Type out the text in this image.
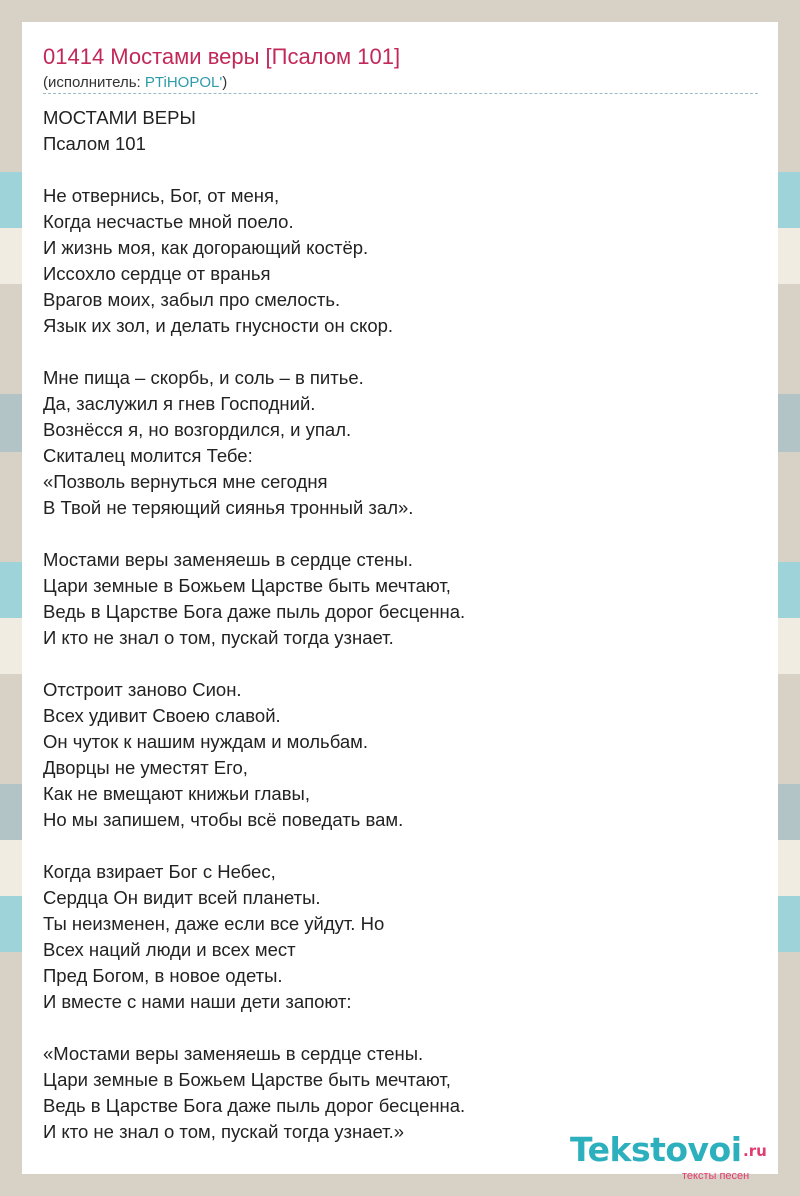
01414 Мостами веры [Псалом 101]
(исполнитель: PTiHOPOL')
МОСТАМИ ВЕРЫ
Псалом 101
Не отвернись, Бог, от меня,
Когда несчастье мной поело.
И жизнь моя, как догорающий костёр.
Иссохло сердце от вранья
Врагов моих, забыл про смелость.
Язык их зол, и делать гнусности он скор.
Мне пища – скорбь, и соль – в питье.
Да, заслужил я гнев Господний.
Вознёсся я, но возгордился, и упал.
Скиталец молится Тебе:
«Позволь вернуться мне сегодня
В Твой не теряющий сиянья тронный зал».
Мостами веры заменяешь в сердце стены.
Цари земные в Божьем Царстве быть мечтают,
Ведь в Царстве Бога даже пыль дорог бесценна.
И кто не знал о том, пускай тогда узнает.
Отстроит заново Сион.
Всех удивит Своею славой.
Он чуток к нашим нуждам и мольбам.
Дворцы не уместят Его,
Как не вмещают книжьи главы,
Но мы запишем, чтобы всё поведать вам.
Когда взирает Бог с Небес,
Сердца Он видит всей планеты.
Ты неизменен, даже если все уйдут. Но
Всех наций люди и всех мест
Пред Богом, в новое одеты.
И вместе с нами наши дети запоют:
«Мостами веры заменяешь в сердце стены.
Цари земные в Божьем Царстве быть мечтают,
Ведь в Царстве Бога даже пыль дорог бесценна.
И кто не знал о том, пускай тогда узнает.»	Tekstovoi .ru
тексты песен
